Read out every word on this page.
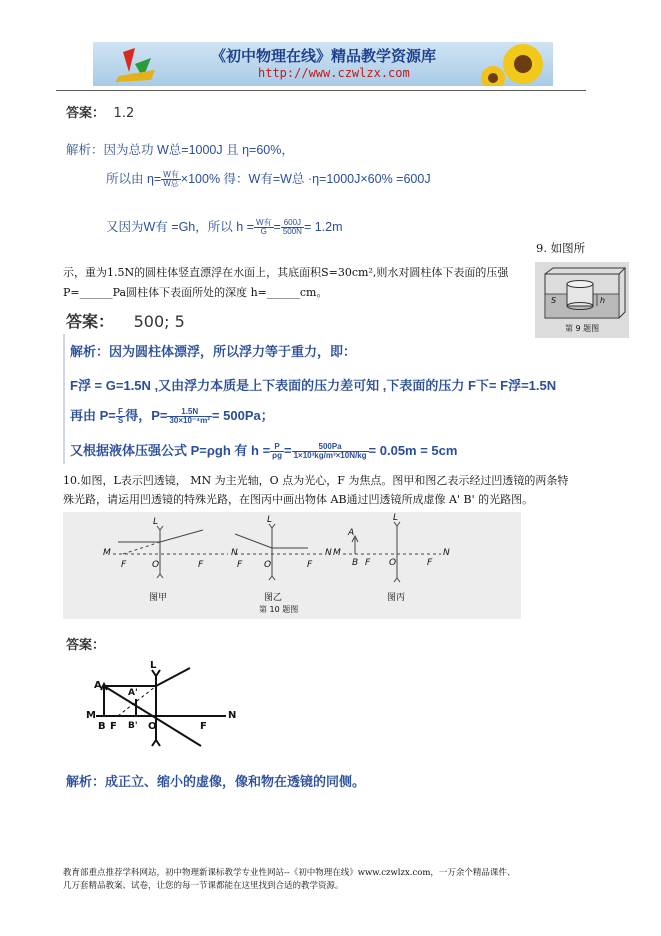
《初中物理在线》精品教学资源库
http://www.czwlzx.com
答案： 1.2
解析：因为总功 W总=1000J 且 η=60%，
所以由 $\eta= \frac{\text{W有}}{\text{W总}} \times 100\%$ 得：W有=W总 ·η=1000J×60% =600J
又因为W有 =Gh，所以 $h = \frac{\text{W有}}{G} = \frac{600J}{500N} = 1.2m$
9. 如图所
示，重为1.5N的圆柱体竖直漂浮在水面上，其底面积S=30cm²,则水对圆柱体下表面的压强
P=______Pa圆柱体下表面所处的深度 h=______cm。
S	h
第 9 题图
答案： 500; 5
解析：因为圆柱体漂浮，所以浮力等于重力，即：
F浮 = G=1.5N ,又由浮力本质是上下表面的压力差可知 ,下表面的压力 F下= F浮=1.5N
再由 $P= \frac{F}{S}$ 得，$P= \frac{1.5N}{\text{30×10⁻⁴m²}} = 500Pa$；
又根据液体压强公式 P=ρgh 有 $h = \frac{P}{\rho g} = \frac{500Pa}{\text{1×10³kg/m³×10N/kg}} = 0.05m = 5cm$
10.如图，L表示凹透镜， MN 为主光轴，O 点为光心，F 为焦点。图甲和图乙表示经过凹透镜的两条特
殊光路，请运用凹透镜的特殊光路，在图丙中画出物体 AB通过凹透镜所成虚像 A' B' 的光路图。
L
M
F	O	F
N
L
F O	F
N
L
A
M
B F O	F
N
图甲	图乙	图丙
第 10 题图
答案：
L
A
A'
M
B F B' O	F
N
解析：成正立、缩小的虚像，像和物在透镜的同侧。
教育部重点推荐学科网站，初中物理新课标教学专业性网站--《初中物理在线》www.czwlzx.com，一万余个精品课件、
几万套精品教案、试卷，让您的每一节课都能在这里找到合适的教学资源。
